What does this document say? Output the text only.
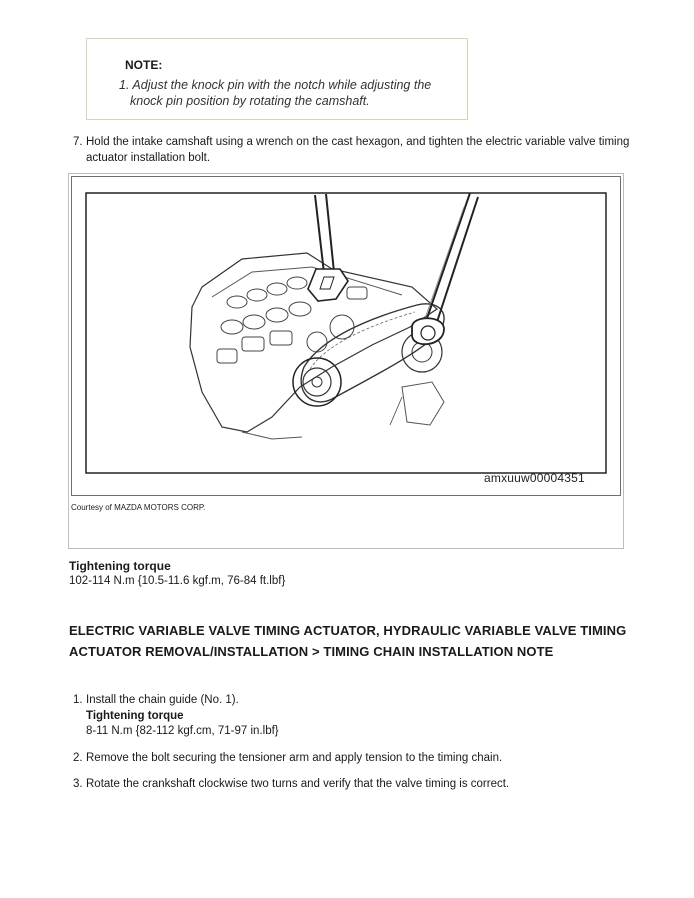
NOTE:
1. Adjust the knock pin with the notch while adjusting the knock pin position by rotating the camshaft.
7. Hold the intake camshaft using a wrench on the cast hexagon, and tighten the electric variable valve timing actuator installation bolt.
amxuuw00004351
Courtesy of MAZDA MOTORS CORP.
Tightening torque
102-114 N.m {10.5-11.6 kgf.m, 76-84 ft.lbf}
ELECTRIC VARIABLE VALVE TIMING ACTUATOR, HYDRAULIC VARIABLE VALVE TIMING ACTUATOR REMOVAL/INSTALLATION > TIMING CHAIN INSTALLATION NOTE
1. Install the chain guide (No. 1).
Tightening torque
8-11 N.m {82-112 kgf.cm, 71-97 in.lbf}
2. Remove the bolt securing the tensioner arm and apply tension to the timing chain.
3. Rotate the crankshaft clockwise two turns and verify that the valve timing is correct.
